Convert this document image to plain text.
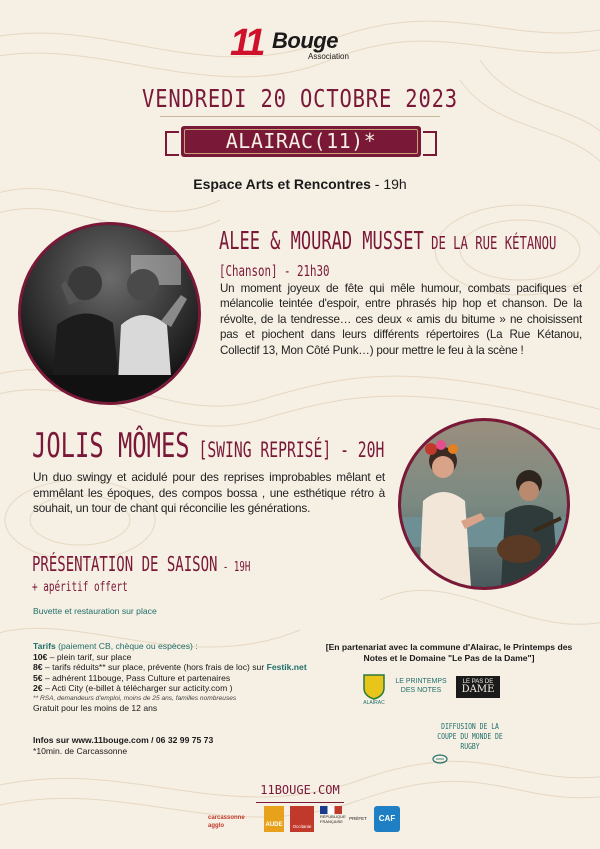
11 Bouge
Association
VENDREDI 20 OCTOBRE 2023
ALAIRAC(11)*
Espace Arts et Rencontres - 19h
ALEE & MOURAD MUSSET DE LA RUE KÉTANOU
[Chanson] - 21h30
Un moment joyeux de fête qui mêle humour, combats pacifiques et mélancolie teintée d'espoir, entre phrasés hip hop et chanson. De la révolte, de la tendresse… ces deux « amis du bitume » ne choisissent pas et piochent dans leurs différents répertoires (La Rue Kétanou, Collectif 13, Mon Côté Punk…) pour mettre le feu à la scène !
JOLIS MÔMES [SWING REPRISÉ] - 20H
Un duo swingy et acidulé pour des reprises improbables mêlant et emmêlant les époques, des compos bossa , une esthétique rétro à souhait, un tour de chant qui réconcilie les générations.
PRÉSENTATION DE SAISON - 19H
+ apéritif offert
Buvette et restauration sur place
Tarifs (paiement CB, chèque ou espèces) :
10€ – plein tarif, sur place
8€ – tarifs réduits** sur place, prévente (hors frais de loc) sur Festik.net
5€ – adhérent 11bouge, Pass Culture et partenaires
2€ – Acti City (e-billet à télécharger sur acticity.com )
** RSA, demandeurs d'emploi, moins de 25 ans, familles nombreuses
Gratuit pour les moins de 12 ans
Infos sur www.11bouge.com / 06 32 99 75 73
*10min. de Carcassonne
[En partenariat avec la commune d'Alairac, le Printemps des Notes et le Domaine "Le Pas de la Dame"]
ALAIRAC
LE PRINTEMPS
DES NOTES
LE PAS DE
DAME
DIFFUSION DE LA COUPE DU MONDE DE RUGBY
11BOUGE.COM
carcassonne agglo	AUDE	Occitanie
RÉPUBLIQUE FRANÇAISE
PRÉFET	CAF
